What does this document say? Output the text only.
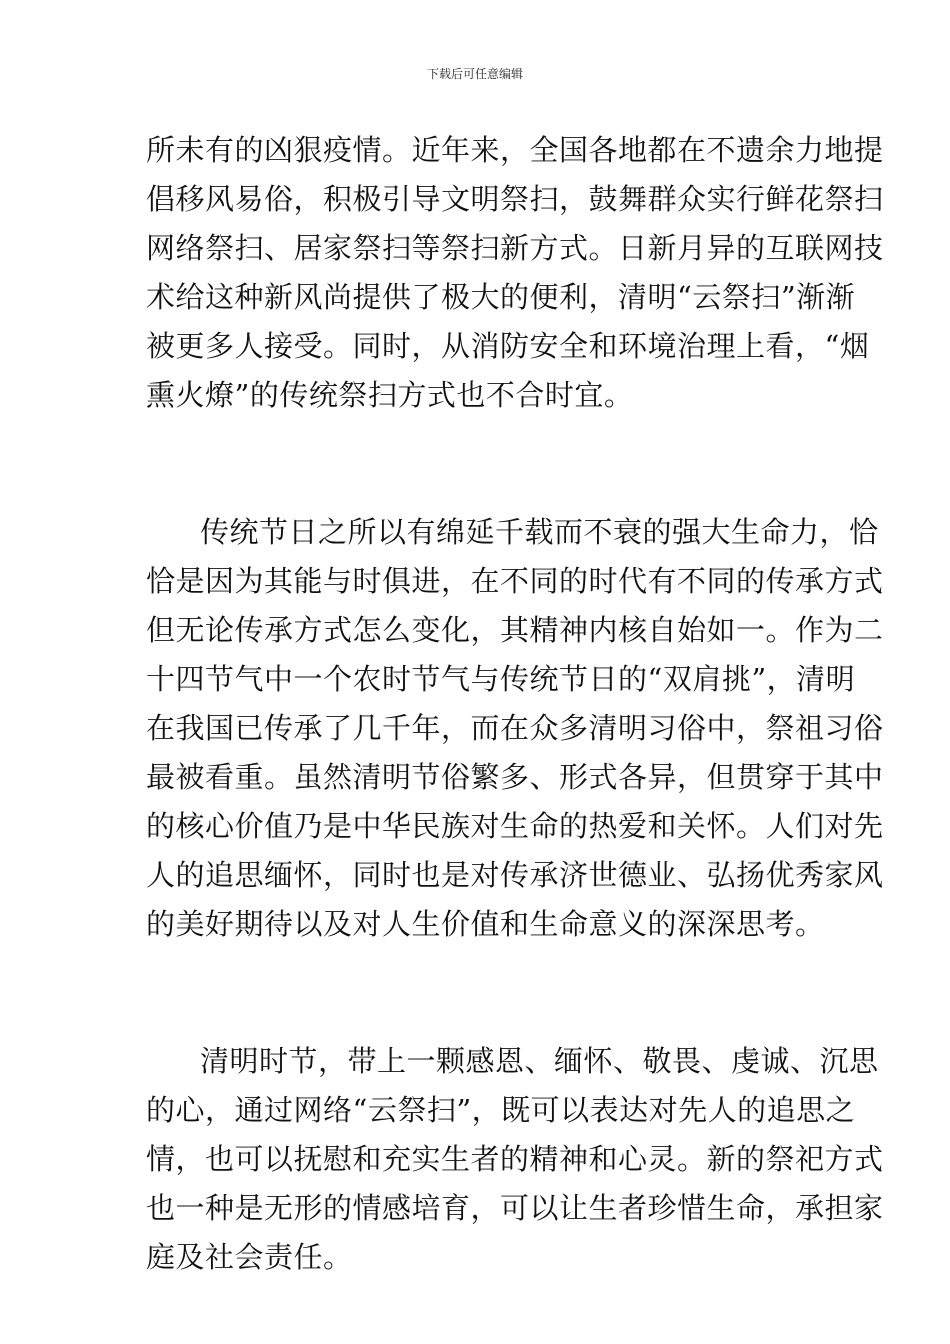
下载后可任意编辑
所未有的凶狠疫情。近年来，全国各地都在不遗余力地提
倡移风易俗，积极引导文明祭扫，鼓舞群众实行鲜花祭扫
网络祭扫、居家祭扫等祭扫新方式。日新月异的互联网技
术给这种新风尚提供了极大的便利，清明“云祭扫”渐渐
被更多人接受。同时，从消防安全和环境治理上看，“烟
熏火燎”的传统祭扫方式也不合时宜。
传统节日之所以有绵延千载而不衰的强大生命力，恰
恰是因为其能与时俱进，在不同的时代有不同的传承方式
但无论传承方式怎么变化，其精神内核自始如一。作为二
十四节气中一个农时节气与传统节日的“双肩挑”，清明
在我国已传承了几千年，而在众多清明习俗中，祭祖习俗
最被看重。虽然清明节俗繁多、形式各异，但贯穿于其中
的核心价值乃是中华民族对生命的热爱和关怀。人们对先
人的追思缅怀，同时也是对传承济世德业、弘扬优秀家风
的美好期待以及对人生价值和生命意义的深深思考。
清明时节，带上一颗感恩、缅怀、敬畏、虔诚、沉思
的心，通过网络“云祭扫”，既可以表达对先人的追思之
情，也可以抚慰和充实生者的精神和心灵。新的祭祀方式
也一种是无形的情感培育，可以让生者珍惜生命，承担家
庭及社会责任。
